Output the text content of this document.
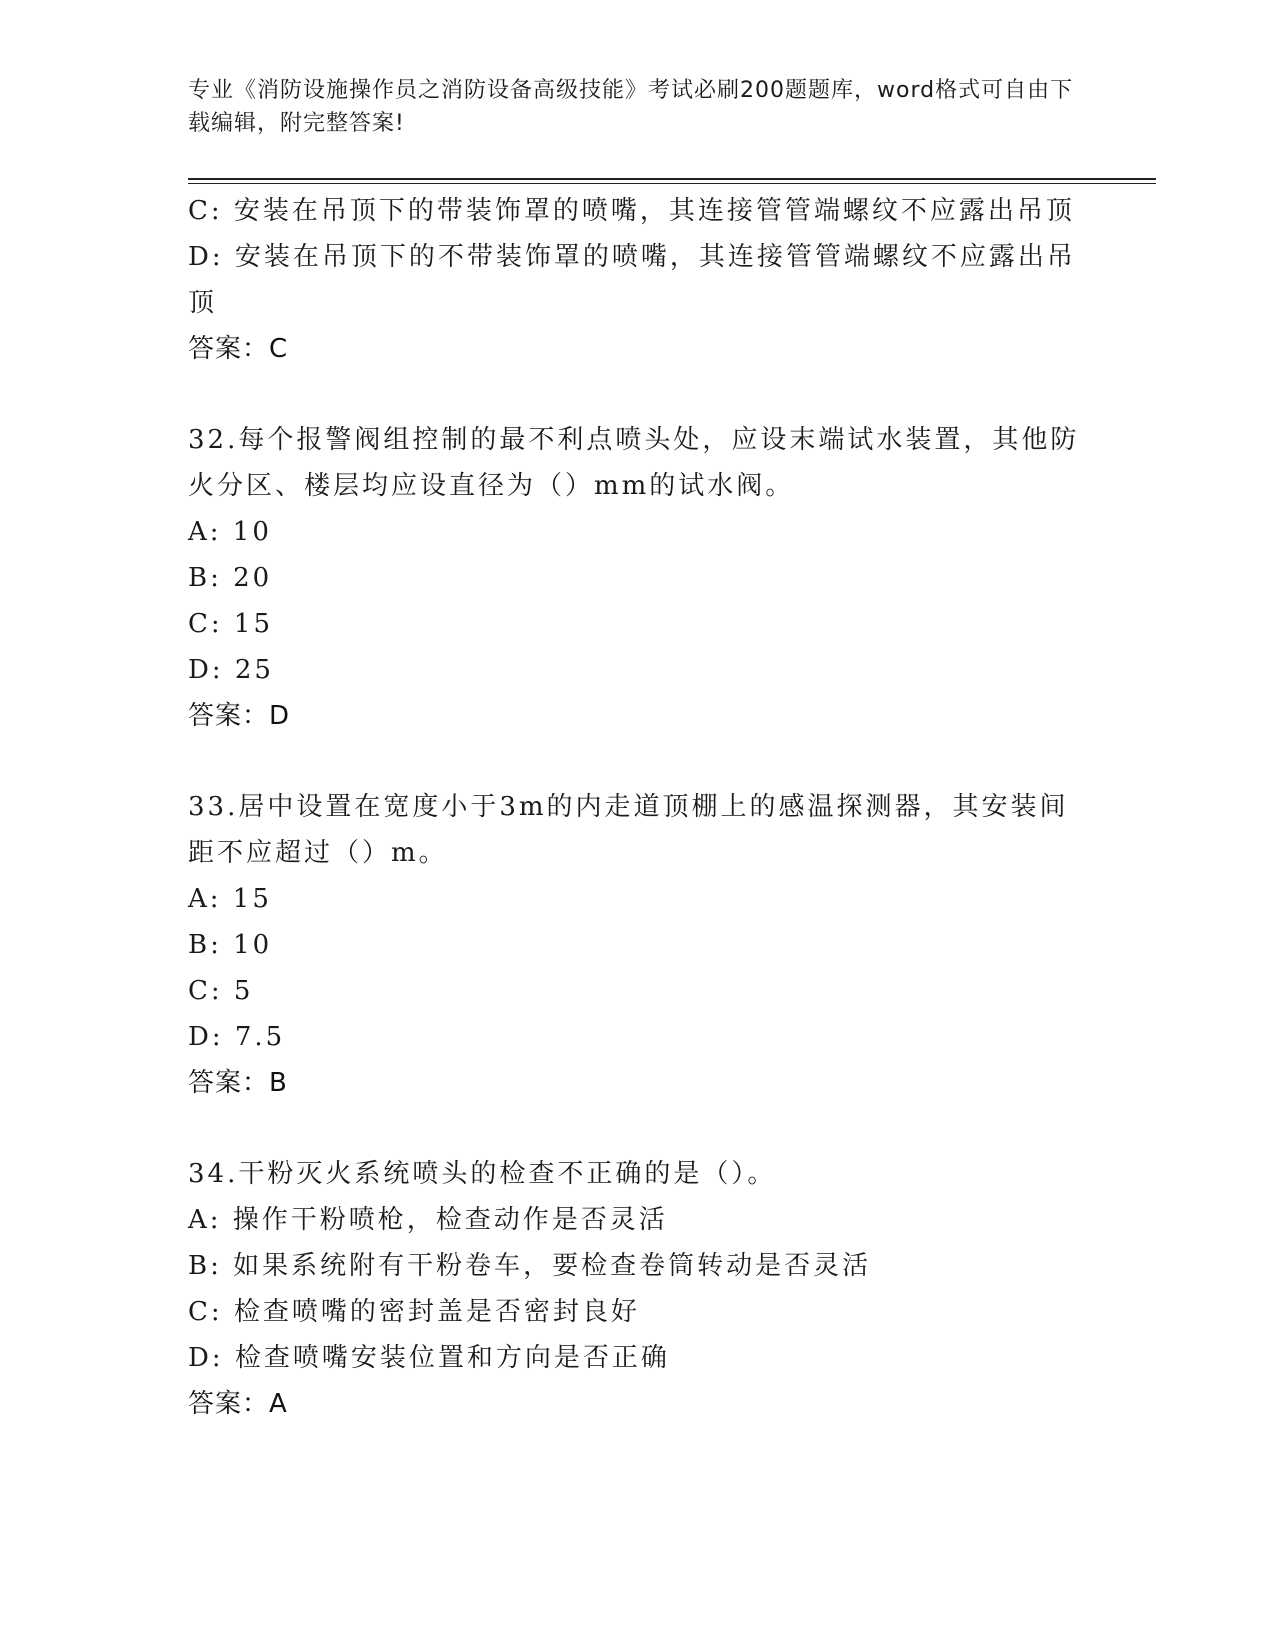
专业《消防设施操作员之消防设备高级技能》考试必刷200题题库，word格式可自由下载编辑，附完整答案!
C: 安装在吊顶下的带装饰罩的喷嘴，其连接管管端螺纹不应露出吊顶
D: 安装在吊顶下的不带装饰罩的喷嘴，其连接管管端螺纹不应露出吊
顶
答案：C
32.每个报警阀组控制的最不利点喷头处，应设末端试水装置，其他防
火分区、楼层均应设直径为（）mm的试水阀。
A: 10
B: 20
C: 15
D: 25
答案：D
33.居中设置在宽度小于3m的内走道顶棚上的感温探测器，其安装间
距不应超过（）m。
A: 15
B: 10
C: 5
D: 7.5
答案：B
34.干粉灭火系统喷头的检查不正确的是（）。
A: 操作干粉喷枪，检查动作是否灵活
B: 如果系统附有干粉卷车，要检查卷筒转动是否灵活
C: 检查喷嘴的密封盖是否密封良好
D: 检查喷嘴安装位置和方向是否正确
答案：A
